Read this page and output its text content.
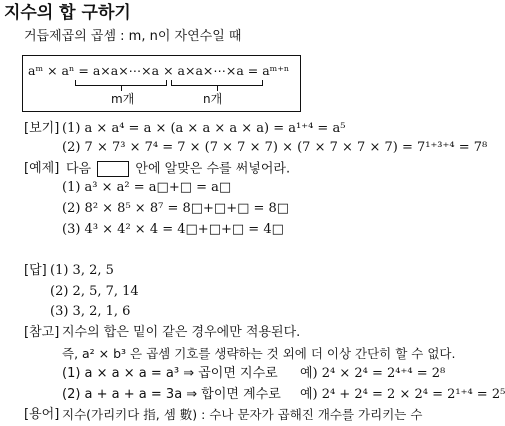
지수의 합 구하기
거듭제곱의 곱셈 : m, n이 자연수일 때
aᵐ × aⁿ = a×a×⋯×a × a×a×⋯×a = aᵐ⁺ⁿ
m개	n개
[보기] (1) a × a⁴ = a × (a × a × a × a) = a¹⁺⁴ = a⁵
(2) 7 × 7³ × 7⁴ = 7 × (7 × 7 × 7) × (7 × 7 × 7 × 7) = 7¹⁺³⁺⁴ = 7⁸
[예제] 다음	안에 알맞은 수를 써넣어라.
(1) a³ × a² = a□+□ = a□
(2) 8² × 8⁵ × 8⁷ = 8□+□+□ = 8□
(3) 4³ × 4² × 4 = 4□+□+□ = 4□
[답] (1) 3, 2, 5
(2) 2, 5, 7, 14
(3) 3, 2, 1, 6
[참고] 지수의 합은 밑이 같은 경우에만 적용된다.
즉, a² × b³ 은 곱셈 기호를 생략하는 것 외에 더 이상 간단히 할 수 없다.
(1) a × a × a = a³ ⇒ 곱이면 지수로 예) 2⁴ × 2⁴ = 2⁴⁺⁴ = 2⁸
(2) a + a + a = 3a ⇒ 합이면 계수로 예) 2⁴ + 2⁴ = 2 × 2⁴ = 2¹⁺⁴ = 2⁵
[용어] 지수(가리키다 指, 셈 數) : 수나 문자가 곱해진 개수를 가리키는 수
